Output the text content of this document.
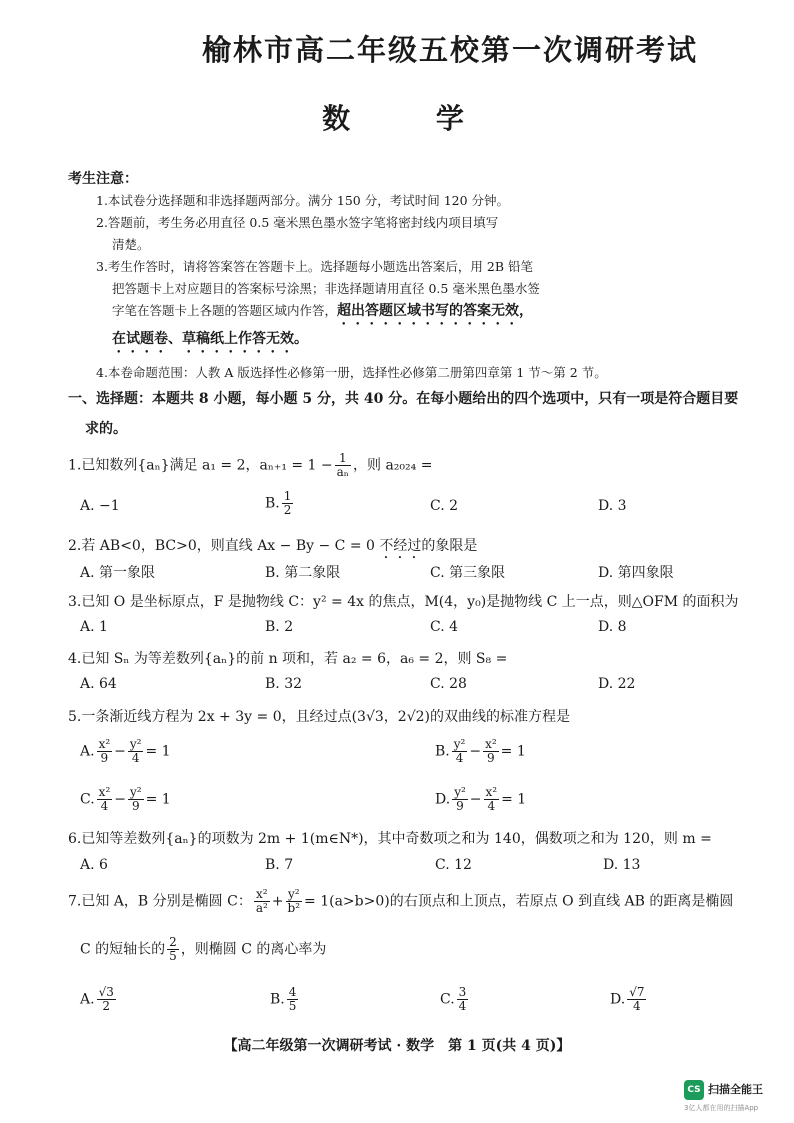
榆林市高二年级五校第一次调研考试
数 学
考生注意：
1.本试卷分选择题和非选择题两部分。满分 150 分，考试时间 120 分钟。
2.答题前，考生务必用直径 0.5 毫米黑色墨水签字笔将密封线内项目填写
清楚。
3.考生作答时，请将答案答在答题卡上。选择题每小题选出答案后，用 2B 铅笔
把答题卡上对应题目的答案标号涂黑；非选择题请用直径 0.5 毫米黑色墨水签
字笔在答题卡上各题的答题区域内作答，超出答题区域书写的答案无效，
在试题卷、草稿纸上作答无效。
4.本卷命题范围：人教 A 版选择性必修第一册，选择性必修第二册第四章第 1 节～第 2 节。
一、选择题：本题共 8 小题，每小题 5 分，共 40 分。在每小题给出的四个选项中，只有一项是符合题目要
求的。
1.已知数列{aₙ}满足 a₁ = 2，$a_{n+1} = 1 - \frac{1}{\text{aₙ}}$ ，则 a₂₀₂₄ =
A. −1	B. $\frac{1}{2}$	C. 2	D. 3
2.若 AB<0，BC>0，则直线 Ax − By − C = 0 不经过的象限是
A. 第一象限	B. 第二象限	C. 第三象限	D. 第四象限
3.已知 O 是坐标原点，F 是抛物线 C：y² = 4x 的焦点，M(4，y₀)是抛物线 C 上一点，则△OFM 的面积为
A. 1	B. 2	C. 4	D. 8
4.已知 Sₙ 为等差数列{aₙ}的前 n 项和，若 a₂ = 6，a₆ = 2，则 S₈ =
A. 64	B. 32	C. 28	D. 22
5.一条渐近线方程为 2x + 3y = 0，且经过点(3√3，2√2)的双曲线的标准方程是
A. $\frac{\text{x²}}{9} - \frac{\text{y²}}{4} = 1$	B. $\frac{\text{y²}}{4} - \frac{\text{x²}}{9} = 1$
C. $\frac{\text{x²}}{4} - \frac{\text{y²}}{9} = 1$	D. $\frac{\text{y²}}{9} - \frac{\text{x²}}{4} = 1$
6.已知等差数列{aₙ}的项数为 2m + 1(m∈N*)，其中奇数项之和为 140，偶数项之和为 120，则 m =
A. 6	B. 7	C. 12	D. 13
7.已知 A，B 分别是椭圆 C： $\frac{\text{x²}}{\text{a²}} + \frac{\text{y²}}{\text{b²}} = 1(a>b>0)$的右顶点和上顶点，若原点 O 到直线 AB 的距离是椭圆
C 的短轴长的 $\frac{2}{5}$ ，则椭圆 C 的离心率为
A. $\frac{√3}{2}$	B. $\frac{4}{5}$	C. $\frac{3}{4}$	D. $\frac{√7}{4}$
【高二年级第一次调研考试 · 数学　第 1 页(共 4 页)】
CS 扫描全能王
3亿人都在用的扫描App
